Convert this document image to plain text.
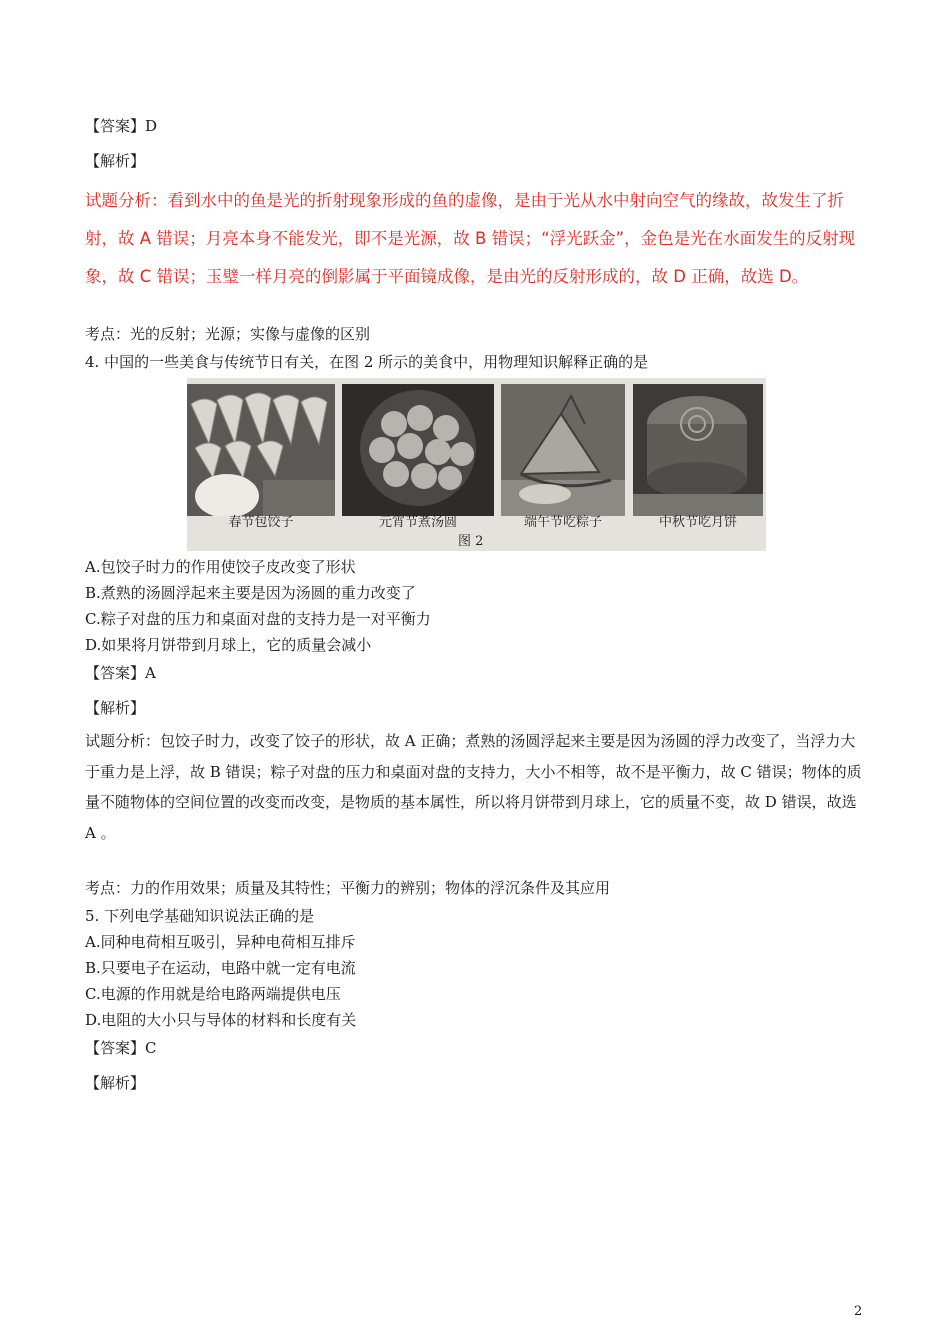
【答案】D
【解析】
试题分析：看到水中的鱼是光的折射现象形成的鱼的虚像，是由于光从水中射向空气的缘故，故发生了折射，故 A 错误；月亮本身不能发光，即不是光源，故 B 错误；“浮光跃金”，金色是光在水面发生的反射现象，故 C 错误；玉璧一样月亮的倒影属于平面镜成像，是由光的反射形成的，故 D 正确，故选 D。
考点：光的反射；光源；实像与虚像的区别
4. 中国的一些美食与传统节日有关，在图 2 所示的美食中，用物理知识解释正确的是
春节包饺子	元宵节煮汤圆	端午节吃粽子	中秋节吃月饼
图 2
A.包饺子时力的作用使饺子皮改变了形状
B.煮熟的汤圆浮起来主要是因为汤圆的重力改变了
C.粽子对盘的压力和桌面对盘的支持力是一对平衡力
D.如果将月饼带到月球上，它的质量会减小
【答案】A
【解析】
试题分析：包饺子时力，改变了饺子的形状，故 A 正确；煮熟的汤圆浮起来主要是因为汤圆的浮力改变了，当浮力大于重力是上浮，故 B 错误；粽子对盘的压力和桌面对盘的支持力，大小不相等，故不是平衡力，故 C 错误；物体的质量不随物体的空间位置的改变而改变，是物质的基本属性，所以将月饼带到月球上，它的质量不变，故 D 错误，故选 A 。
考点：力的作用效果；质量及其特性；平衡力的辨别；物体的浮沉条件及其应用
5. 下列电学基础知识说法正确的是
A.同种电荷相互吸引，异种电荷相互排斥
B.只要电子在运动，电路中就一定有电流
C.电源的作用就是给电路两端提供电压
D.电阻的大小只与导体的材料和长度有关
【答案】C
【解析】
2
